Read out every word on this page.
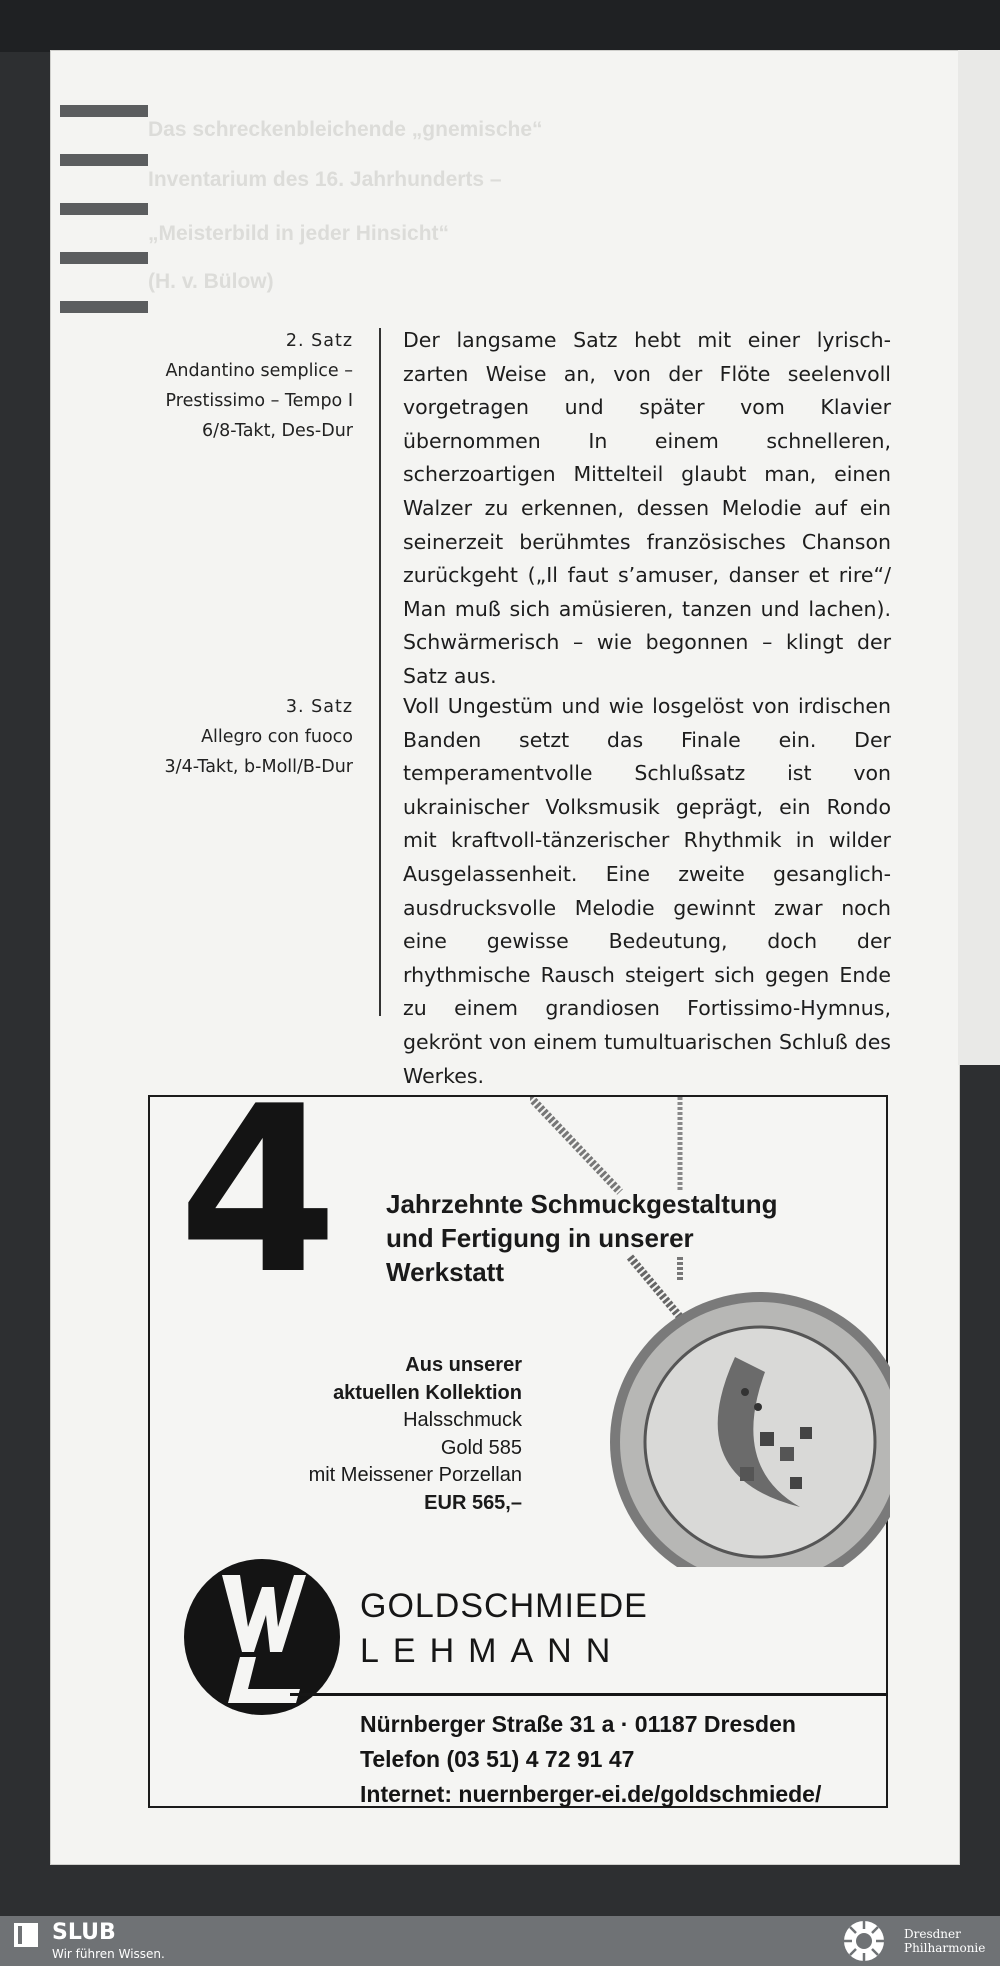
Das schreckenbleichende „gnemische“
Inventarium des 16. Jahrhunderts –
„Meisterbild in jeder Hinsicht“
(H. v. Bülow)
2. Satz
Andantino semplice –
Prestissimo – Tempo I
6/8-Takt, Des-Dur

Der langsame Satz hebt mit einer lyrisch-zarten Weise an, von der Flöte seelenvoll vorgetragen und später vom Klavier übernommen In einem schnelleren, scherzoartigen Mittelteil glaubt man, einen Walzer zu erkennen, dessen Melodie auf ein seinerzeit berühmtes französisches Chanson zurückgeht („Il faut s’amuser, danser et rire“/ Man muß sich amüsieren, tanzen und lachen). Schwärmerisch – wie begonnen – klingt der Satz aus.

3. Satz
Allegro con fuoco
3/4-Takt, b-Moll/B-Dur

Voll Ungestüm und wie losgelöst von irdischen Banden setzt das Finale ein. Der temperamentvolle Schlußsatz ist von ukrainischer Volksmusik geprägt, ein Rondo mit kraftvoll-tänzerischer Rhythmik in wilder Ausgelassenheit. Eine zweite gesanglich-ausdrucksvolle Melodie gewinnt zwar noch eine gewisse Bedeutung, doch der rhythmische Rausch steigert sich gegen Ende zu einem grandiosen Fortissimo-Hymnus, gekrönt von einem tumultuarischen Schluß des Werkes.

4 Jahrzehnte Schmuckgestaltung
und Fertigung in unserer Werkstatt
Aus unserer
aktuellen Kollektion
Halsschmuck
Gold 585
mit Meissener Porzellan
EUR 565,–
GOLDSCHMIEDE
LEHMANN
Nürnberger Straße 31 a · 01187 Dresden
Telefon (03 51) 4 72 91 47
Internet: nuernberger-ei.de/goldschmiede/
SLUB
Wir führen Wissen.
Dresdner
Philharmonie
